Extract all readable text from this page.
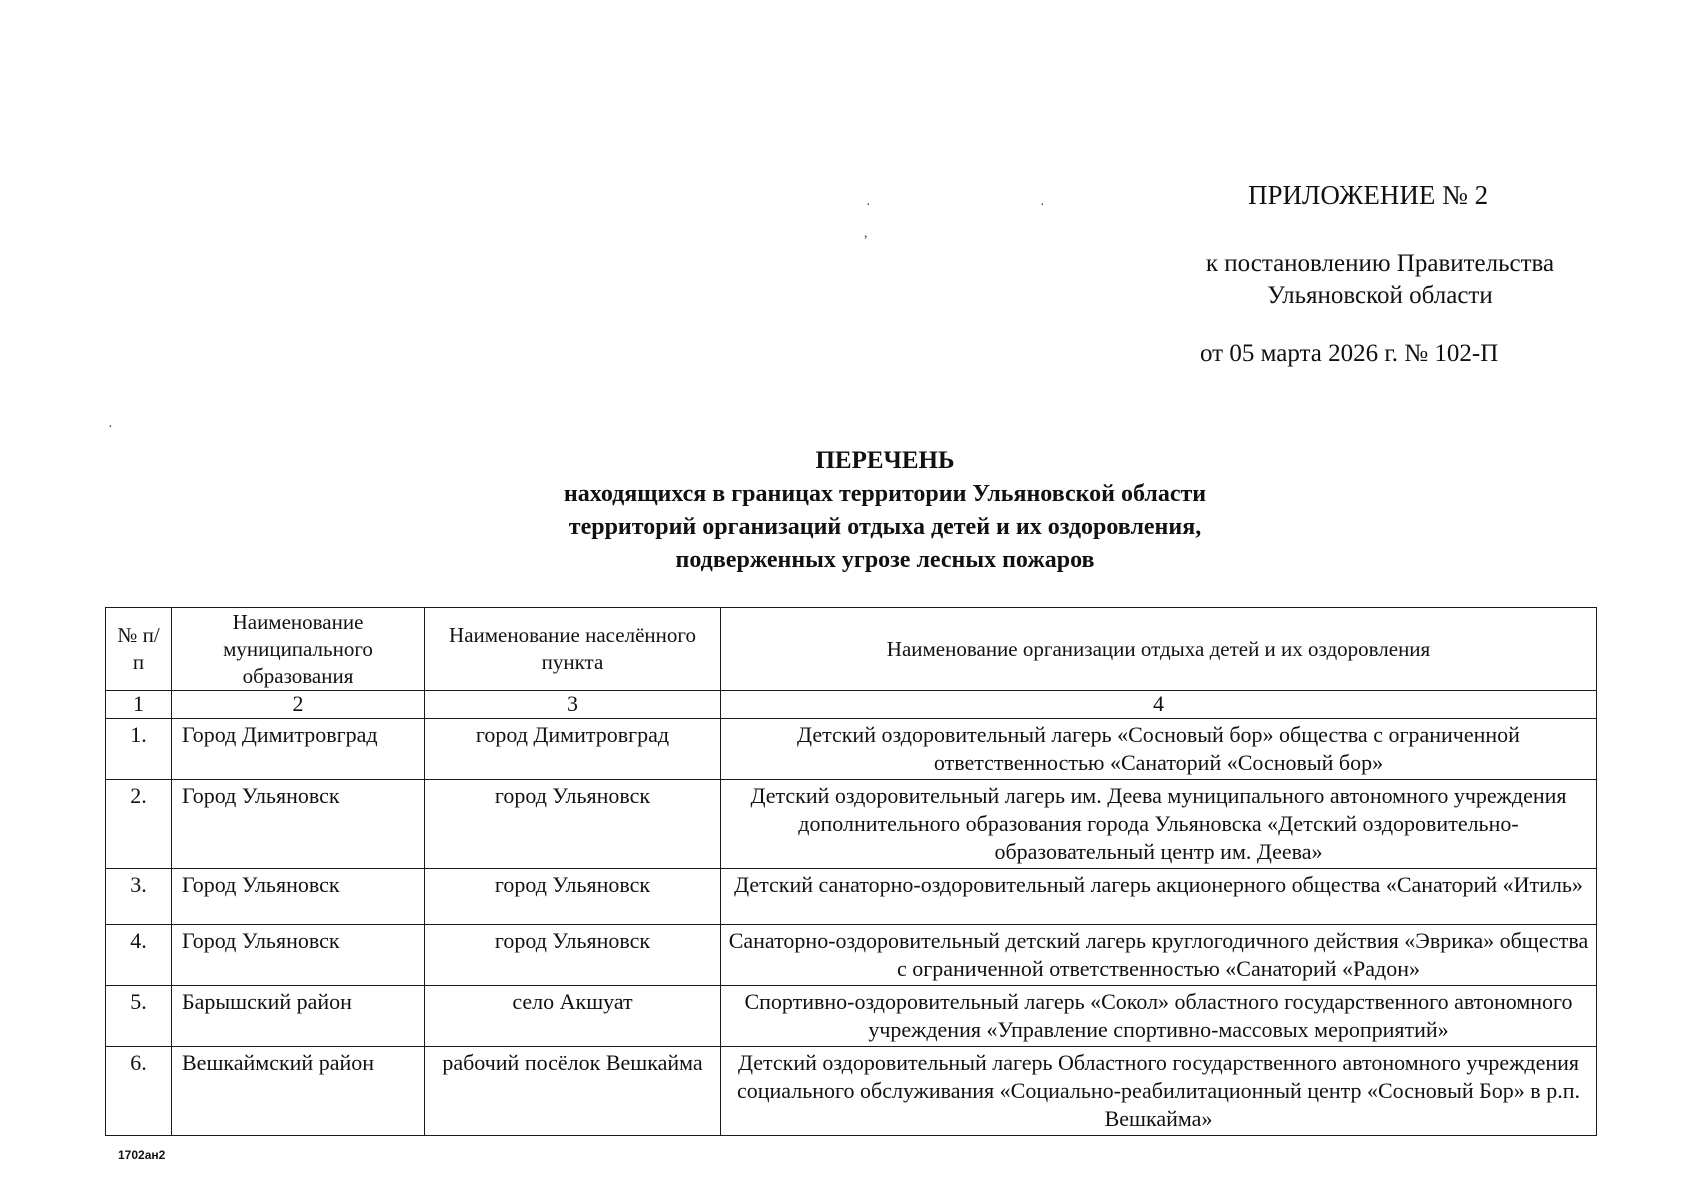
·	·
,
·
ПРИЛОЖЕНИЕ № 2
к постановлению Правительства Ульяновской области
от 05 марта 2026 г. № 102-П
ПЕРЕЧЕНЬ
находящихся в границах территории Ульяновской области
территорий организаций отдыха детей и их оздоровления,
подверженных угрозе лесных пожаров
№ п/п	Наименование муниципального образования	Наименование населённого пункта	Наименование организации отдыха детей и их оздоровления
1	2	3	4
1.	Город Димитровград	город Димитровград	Детский оздоровительный лагерь «Сосновый бор» общества с ограниченной ответственностью «Санаторий «Сосновый бор»
2.	Город Ульяновск	город Ульяновск	Детский оздоровительный лагерь им. Деева муниципального автономного учреждения дополнительного образования города Ульяновска «Детский оздоровительно-образовательный центр им. Деева»
3.	Город Ульяновск	город Ульяновск	Детский санаторно-оздоровительный лагерь акционерного общества «Санаторий «Итиль»
4.	Город Ульяновск	город Ульяновск	Санаторно-оздоровительный детский лагерь круглогодичного действия «Эврика» общества с ограниченной ответственностью «Санаторий «Радон»
5.	Барышский район	село Акшуат	Спортивно-оздоровительный лагерь «Сокол» областного государственного автономного учреждения «Управление спортивно-массовых мероприятий»
6.	Вешкаймский район	рабочий посёлок Вешкайма	Детский оздоровительный лагерь Областного государственного автономного учреждения социального обслуживания «Социально-реабилитационный центр «Сосновый Бор» в р.п. Вешкайма»
1702ан2
